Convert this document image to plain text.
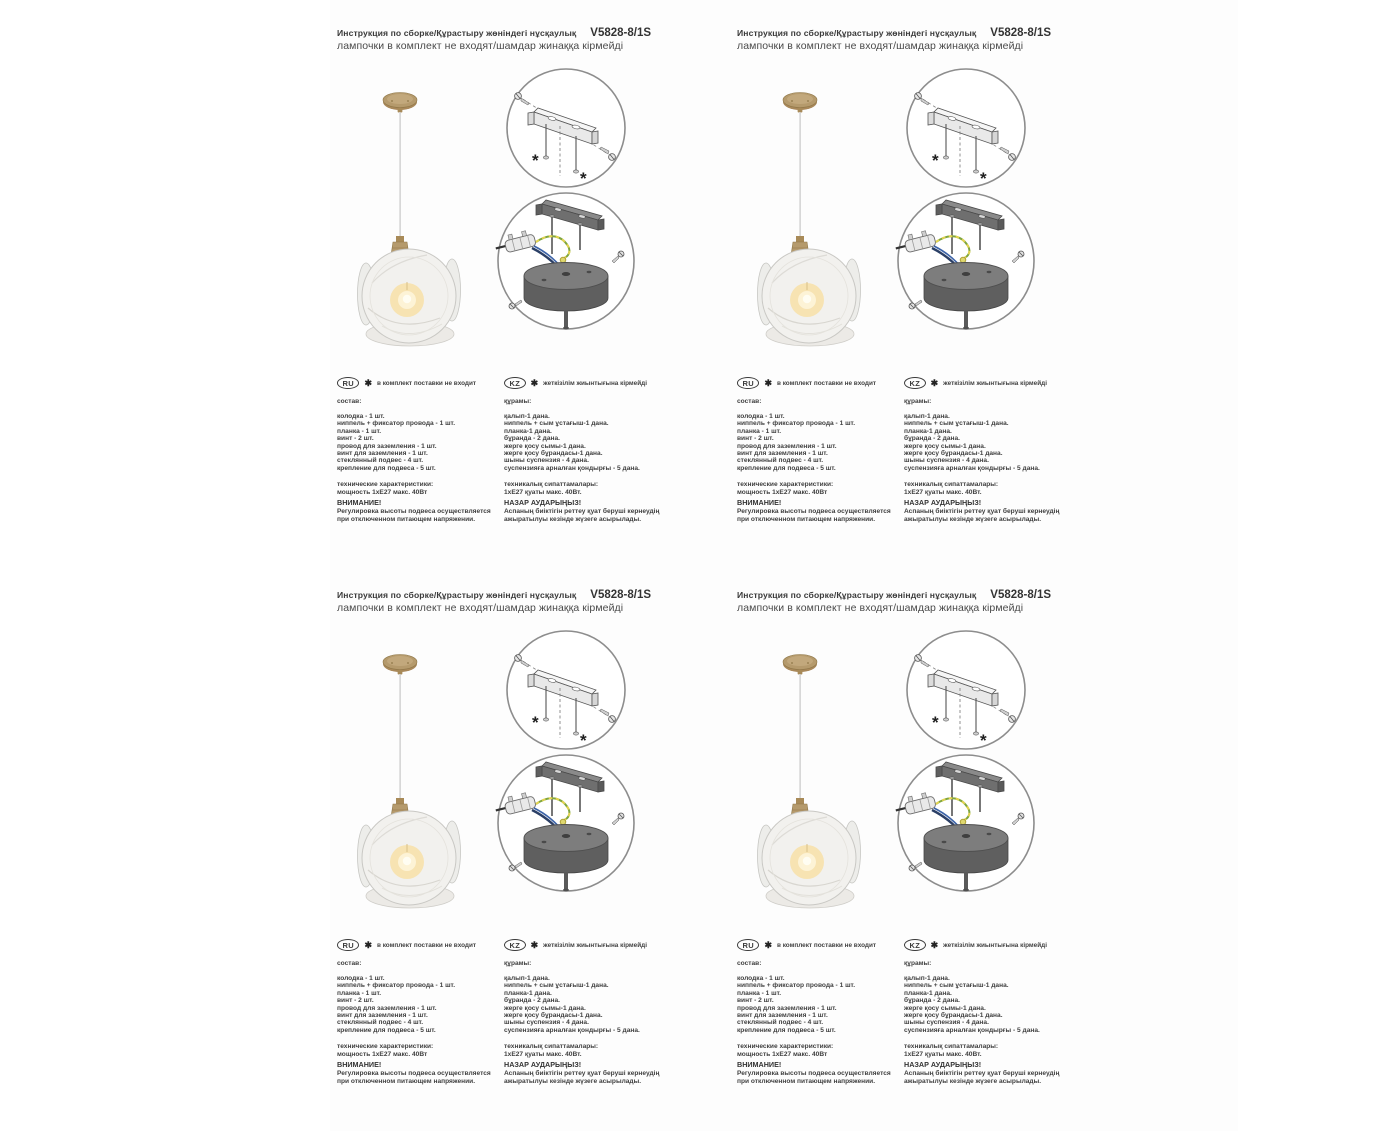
Инструкция по сборке/Құрастыру жөніндегі нұсқаулық V5828-8/1S
лампочки в комплект не входят/шамдар жинаққа кірмейді
*
*
RU	✱ в комплект поставки не входит
состав:
колодка - 1 шт.
ниппель + фиксатор провода - 1 шт.
планка - 1 шт.
винт - 2 шт.
провод для заземления - 1 шт.
винт для заземления - 1 шт.
стеклянный подвес - 4 шт.
крепление для подвеса - 5 шт.
технические характеристики:
мощность 1хЕ27 макс. 40Вт
ВНИМАНИЕ!
Регулировка высоты подвеса осуществляется при отключенном питающем напряжении.
KZ	✱ жеткізілім жиынтығына кірмейді
құрамы:
қалып-1 дана.
ниппель + сым ұстағыш-1 дана.
планка-1 дана.
бұранда - 2 дана.
жерге қосу сымы-1 дана.
жерге қосу бұрандасы-1 дана.
шыны суспензия - 4 дана.
суспензияға арналған қондырғы - 5 дана.
техникалық сипаттамалары:
1хЕ27 қуаты макс. 40Вт.
НАЗАР АУДАРЫҢЫЗ!
Аспаның биіктігін реттеу қуат беруші кернеудің ажыратылуы кезінде жүзеге асырылады.
Инструкция по сборке/Құрастыру жөніндегі нұсқаулық V5828-8/1S
лампочки в комплект не входят/шамдар жинаққа кірмейді
*
*
RU	✱ в комплект поставки не входит
состав:
колодка - 1 шт.
ниппель + фиксатор провода - 1 шт.
планка - 1 шт.
винт - 2 шт.
провод для заземления - 1 шт.
винт для заземления - 1 шт.
стеклянный подвес - 4 шт.
крепление для подвеса - 5 шт.
технические характеристики:
мощность 1хЕ27 макс. 40Вт
ВНИМАНИЕ!
Регулировка высоты подвеса осуществляется при отключенном питающем напряжении.
KZ	✱ жеткізілім жиынтығына кірмейді
құрамы:
қалып-1 дана.
ниппель + сым ұстағыш-1 дана.
планка-1 дана.
бұранда - 2 дана.
жерге қосу сымы-1 дана.
жерге қосу бұрандасы-1 дана.
шыны суспензия - 4 дана.
суспензияға арналған қондырғы - 5 дана.
техникалық сипаттамалары:
1хЕ27 қуаты макс. 40Вт.
НАЗАР АУДАРЫҢЫЗ!
Аспаның биіктігін реттеу қуат беруші кернеудің ажыратылуы кезінде жүзеге асырылады.
Инструкция по сборке/Құрастыру жөніндегі нұсқаулық V5828-8/1S
лампочки в комплект не входят/шамдар жинаққа кірмейді
*
*
RU	✱ в комплект поставки не входит
состав:
колодка - 1 шт.
ниппель + фиксатор провода - 1 шт.
планка - 1 шт.
винт - 2 шт.
провод для заземления - 1 шт.
винт для заземления - 1 шт.
стеклянный подвес - 4 шт.
крепление для подвеса - 5 шт.
технические характеристики:
мощность 1хЕ27 макс. 40Вт
ВНИМАНИЕ!
Регулировка высоты подвеса осуществляется при отключенном питающем напряжении.
KZ	✱ жеткізілім жиынтығына кірмейді
құрамы:
қалып-1 дана.
ниппель + сым ұстағыш-1 дана.
планка-1 дана.
бұранда - 2 дана.
жерге қосу сымы-1 дана.
жерге қосу бұрандасы-1 дана.
шыны суспензия - 4 дана.
суспензияға арналған қондырғы - 5 дана.
техникалық сипаттамалары:
1хЕ27 қуаты макс. 40Вт.
НАЗАР АУДАРЫҢЫЗ!
Аспаның биіктігін реттеу қуат беруші кернеудің ажыратылуы кезінде жүзеге асырылады.
Инструкция по сборке/Құрастыру жөніндегі нұсқаулық V5828-8/1S
лампочки в комплект не входят/шамдар жинаққа кірмейді
*
*
RU	✱ в комплект поставки не входит
состав:
колодка - 1 шт.
ниппель + фиксатор провода - 1 шт.
планка - 1 шт.
винт - 2 шт.
провод для заземления - 1 шт.
винт для заземления - 1 шт.
стеклянный подвес - 4 шт.
крепление для подвеса - 5 шт.
технические характеристики:
мощность 1хЕ27 макс. 40Вт
ВНИМАНИЕ!
Регулировка высоты подвеса осуществляется при отключенном питающем напряжении.
KZ	✱ жеткізілім жиынтығына кірмейді
құрамы:
қалып-1 дана.
ниппель + сым ұстағыш-1 дана.
планка-1 дана.
бұранда - 2 дана.
жерге қосу сымы-1 дана.
жерге қосу бұрандасы-1 дана.
шыны суспензия - 4 дана.
суспензияға арналған қондырғы - 5 дана.
техникалық сипаттамалары:
1хЕ27 қуаты макс. 40Вт.
НАЗАР АУДАРЫҢЫЗ!
Аспаның биіктігін реттеу қуат беруші кернеудің ажыратылуы кезінде жүзеге асырылады.
